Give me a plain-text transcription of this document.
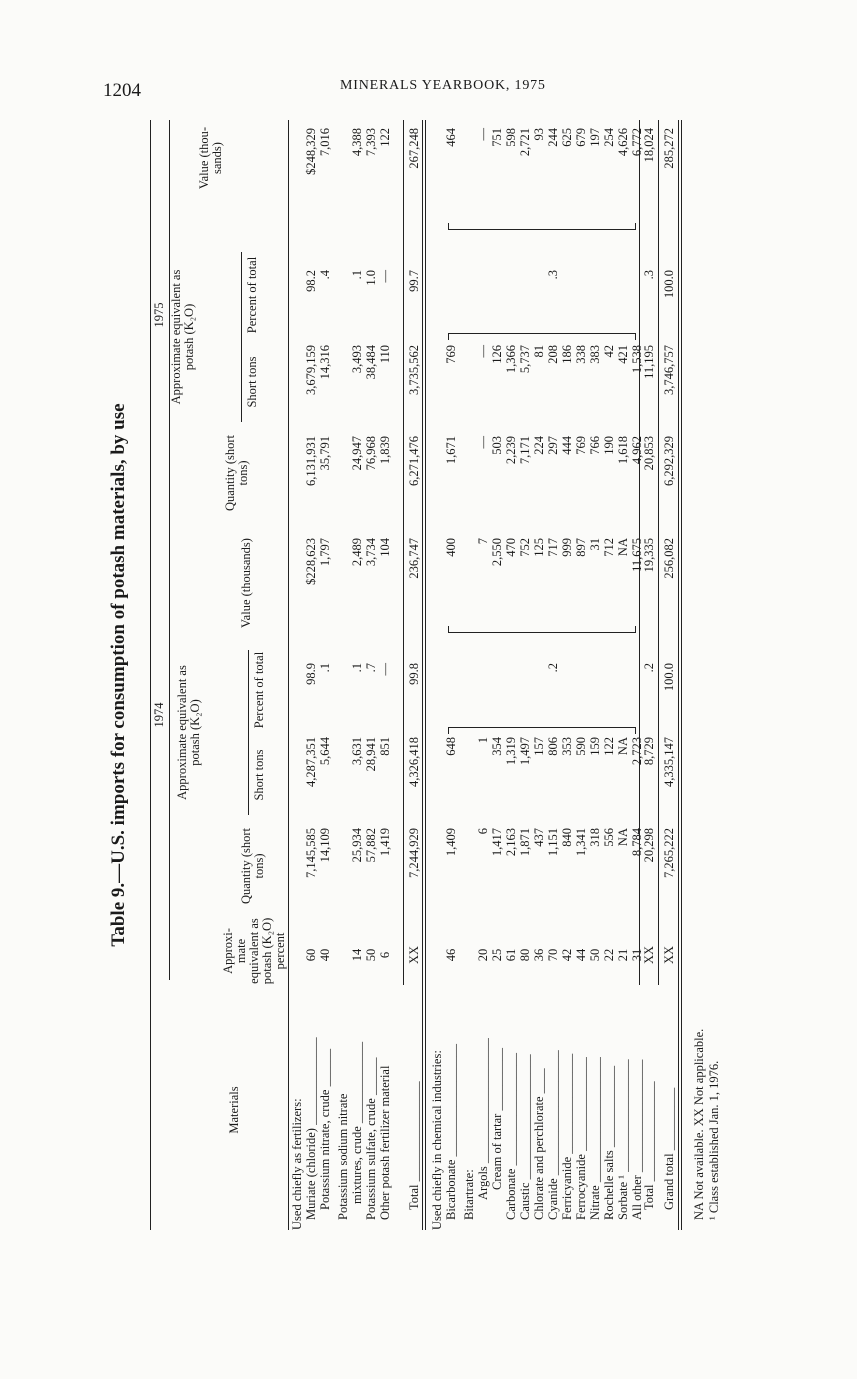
1204	MINERALS YEARBOOK, 1975
Table 9.—U.S. imports for consumption of potash materials, by use
Materials
Approxi- mate equivalent as potash (K₂O) percent
1974
1975
Quantity (short tons)
Approximate equivalent as potash (K₂O)
Short tons
Percent of total
Value (thousands)
Quantity (short tons)
Approximate equivalent as potash (K₂O)
Short tons
Percent of total
Value (thou- sands)
Used chiefly as fertilizers: Muriate (chloride) ______________
60
7,145,585
4,287,351
98.9
$228,623
6,131,931
3,679,159
98.2
$248,329
Potassium nitrate, crude ______
40
14,109
5,644
.1
1,797
35,791
14,316
.4
7,016
Potassium sodium nitrate mixtures, crude _____________
14
25,934
3,631
.1
2,489
24,947
3,493
.1
4,388
Potassium sulfate, crude ______
50
57,882
28,941
.7
3,734
76,968
38,484
1.0
7,393
Other potash fertilizer material
6
1,419
851
—
104
1,839
110
—
122
Total ________________
XX
7,244,929
4,326,418
99.8
236,747
6,271,476
3,735,562
99.7
267,248
Used chiefly in chemical industries: Bicarbonate __________________
46
1,409
648
400
1,671
769
464
Bitartrate: Argols ____________________
20
6
1
7
—
—
—
Cream of tartar __________
25
1,417
354
2,550
503
126
751
Carbonate __________________
61
2,163
1,319
470
2,239
1,366
598
Caustic ____________________
80
1,871
1,497
752
7,171
5,737
2,721
Chlorate and perchlorate ____
36
437
157
125
224
81
93
Cyanide ____________________
70
1,151
806
.2
717
297
208
.3
244
Ferricyanide ________________
42
840
353
999
444
186
625
Ferrocyanide _______________
44
1,341
590
897
769
338
679
Nitrate ____________________
50
318
159
31
766
383
197
Rochelle salts _____________
22
556
122
712
190
42
254
Sorbate ¹ __________________
21
NA
NA
NA
1,618
421
4,626
All other __________________
31
8,784
2,723
11,675
4,962
1,538
6,772
Total ________________
XX
20,298
8,729
.2
19,335
20,853
11,195
.3
18,024
Grand total __________
XX
7,265,222
4,335,147
100.0
256,082
6,292,329
3,746,757
100.0
285,272
NA Not available. XX Not applicable. ¹ Class established Jan. 1, 1976.
